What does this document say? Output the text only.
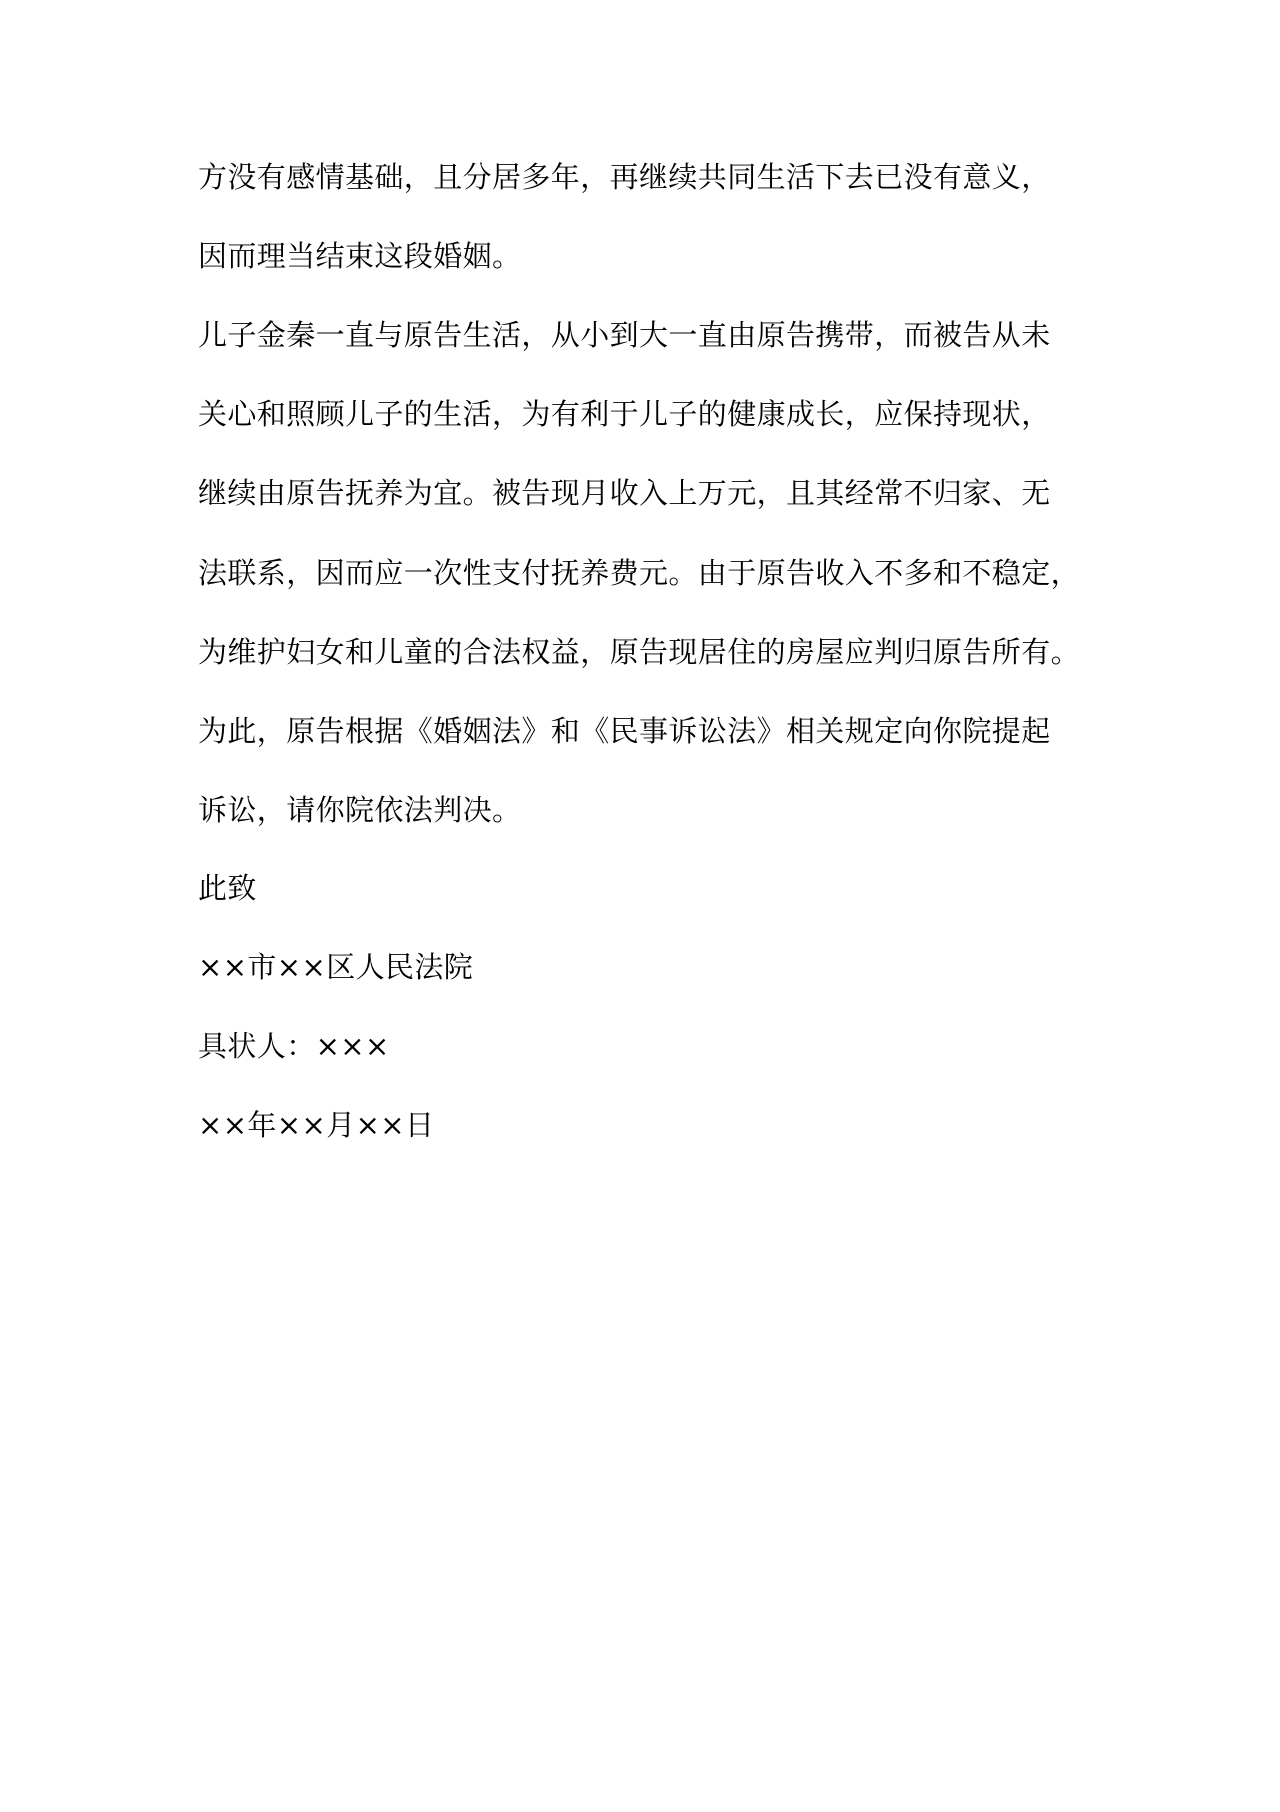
方没有感情基础，且分居多年，再继续共同生活下去已没有意义，
因而理当结束这段婚姻。
儿子金秦一直与原告生活，从小到大一直由原告携带，而被告从未
关心和照顾儿子的生活，为有利于儿子的健康成长，应保持现状，
继续由原告抚养为宜。被告现月收入上万元，且其经常不归家、无
法联系，因而应一次性支付抚养费元。由于原告收入不多和不稳定，
为维护妇女和儿童的合法权益，原告现居住的房屋应判归原告所有。
为此，原告根据《婚姻法》和《民事诉讼法》相关规定向你院提起
诉讼，请你院依法判决。
此致
××市××区人民法院
具状人：×××
××年××月××日
